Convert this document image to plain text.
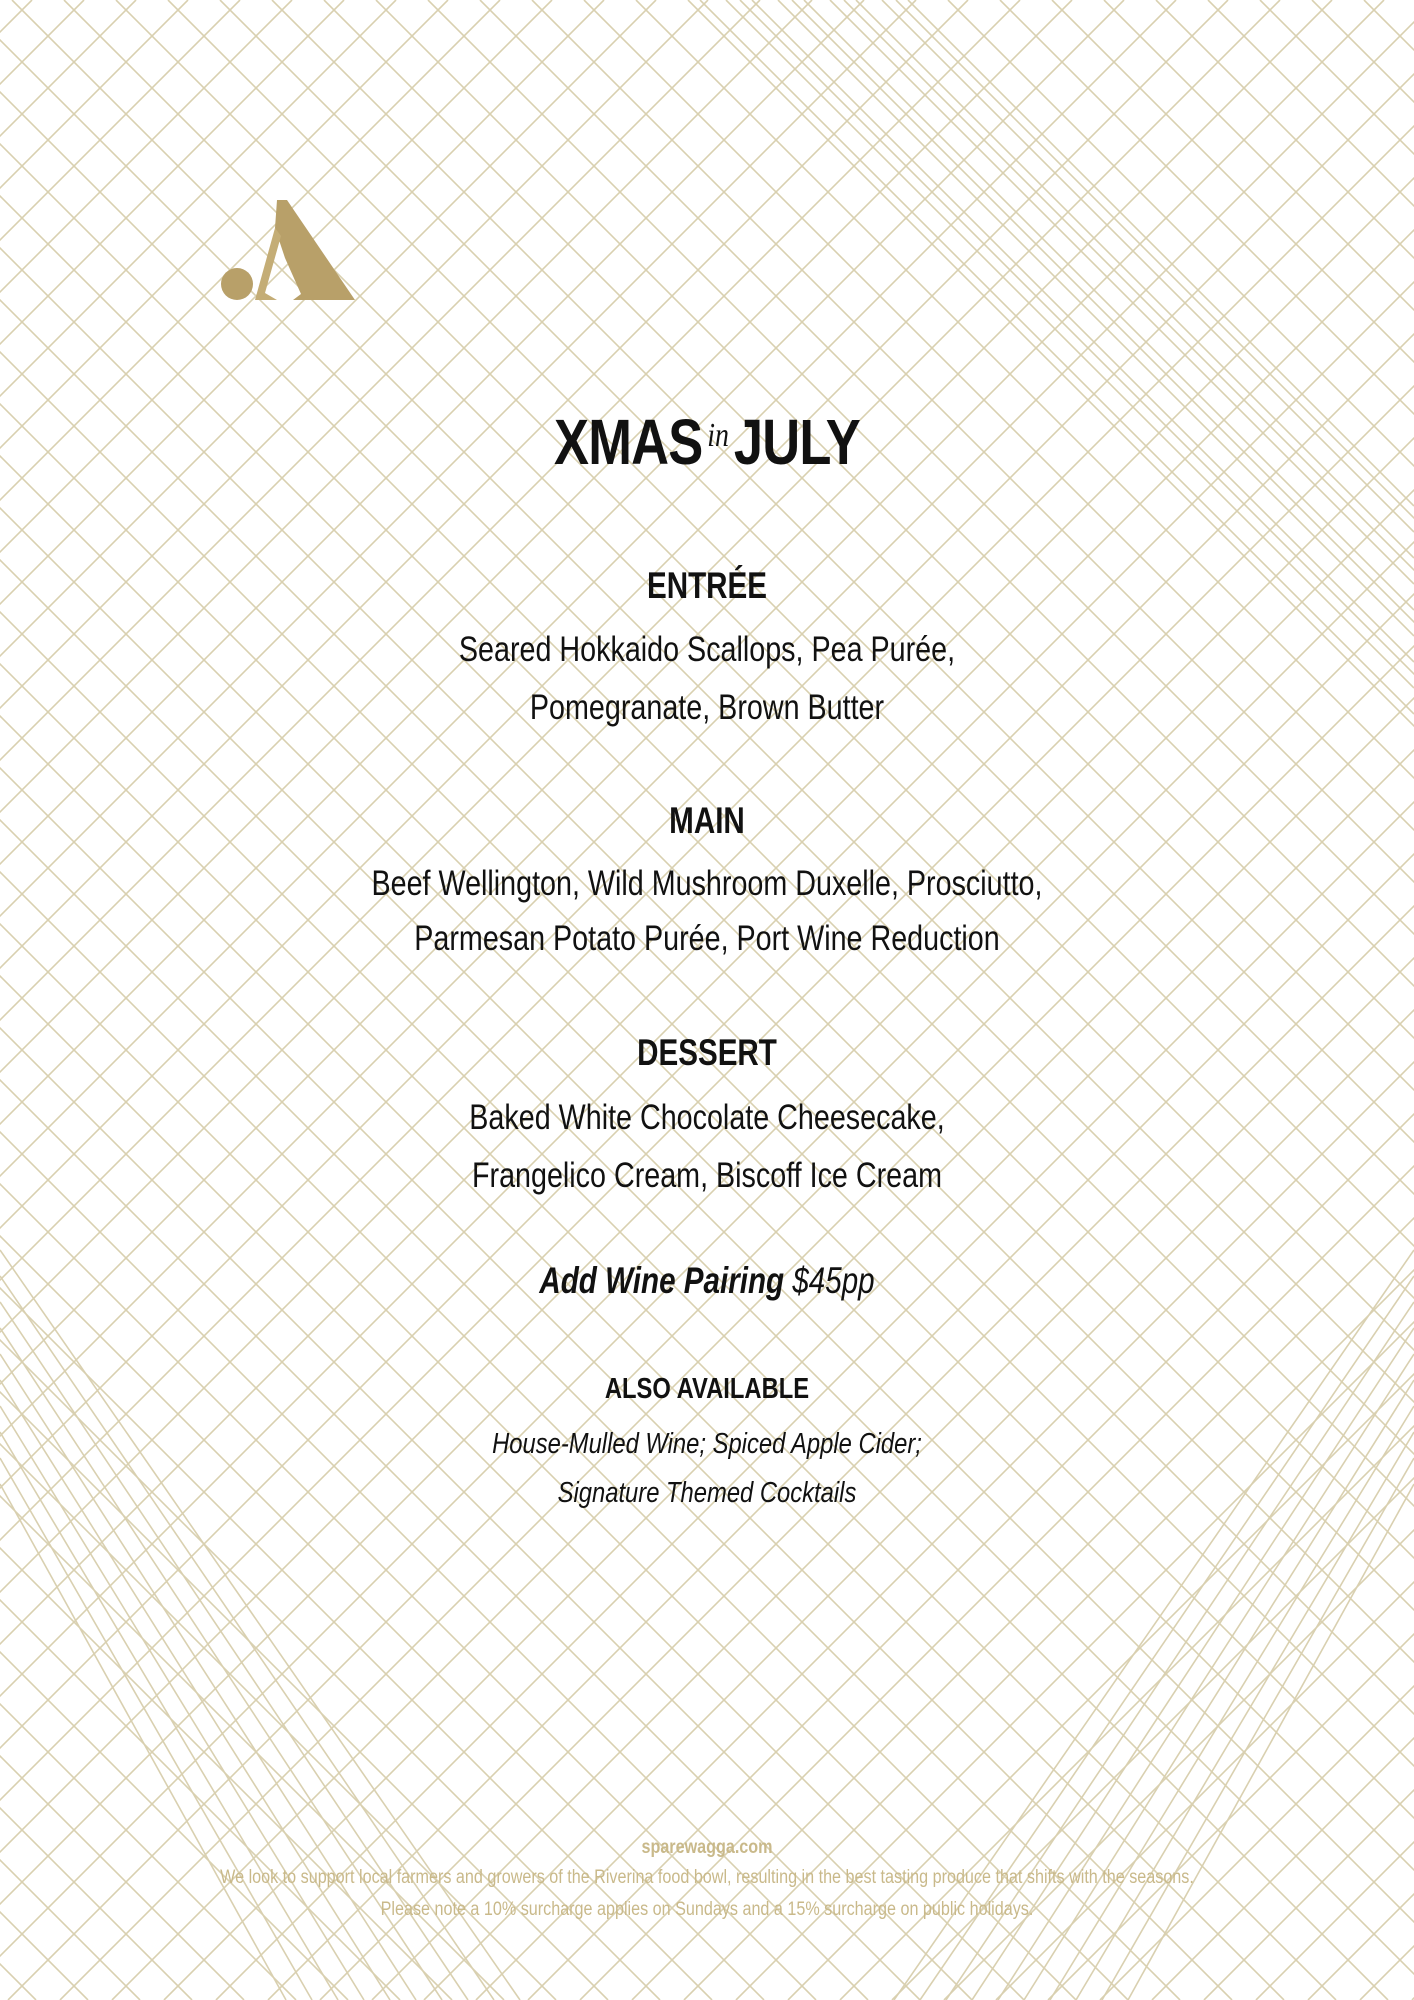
XMAS $^{in}$JULY
ENTRÉE
Seared Hokkaido Scallops, Pea Purée,
Pomegranate, Brown Butter
MAIN
Beef Wellington, Wild Mushroom Duxelle, Prosciutto,
Parmesan Potato Purée, Port Wine Reduction
DESSERT
Baked White Chocolate Cheesecake,
Frangelico Cream, Biscoff Ice Cream
Add Wine Pairing $45pp
ALSO AVAILABLE
House-Mulled Wine; Spiced Apple Cider;
Signature Themed Cocktails
sparewagga.com
We look to support local farmers and growers of the Riverina food bowl, resulting in the best tasting produce that shifts with the seasons.
Please note a 10% surcharge applies on Sundays and a 15% surcharge on public holidays.
